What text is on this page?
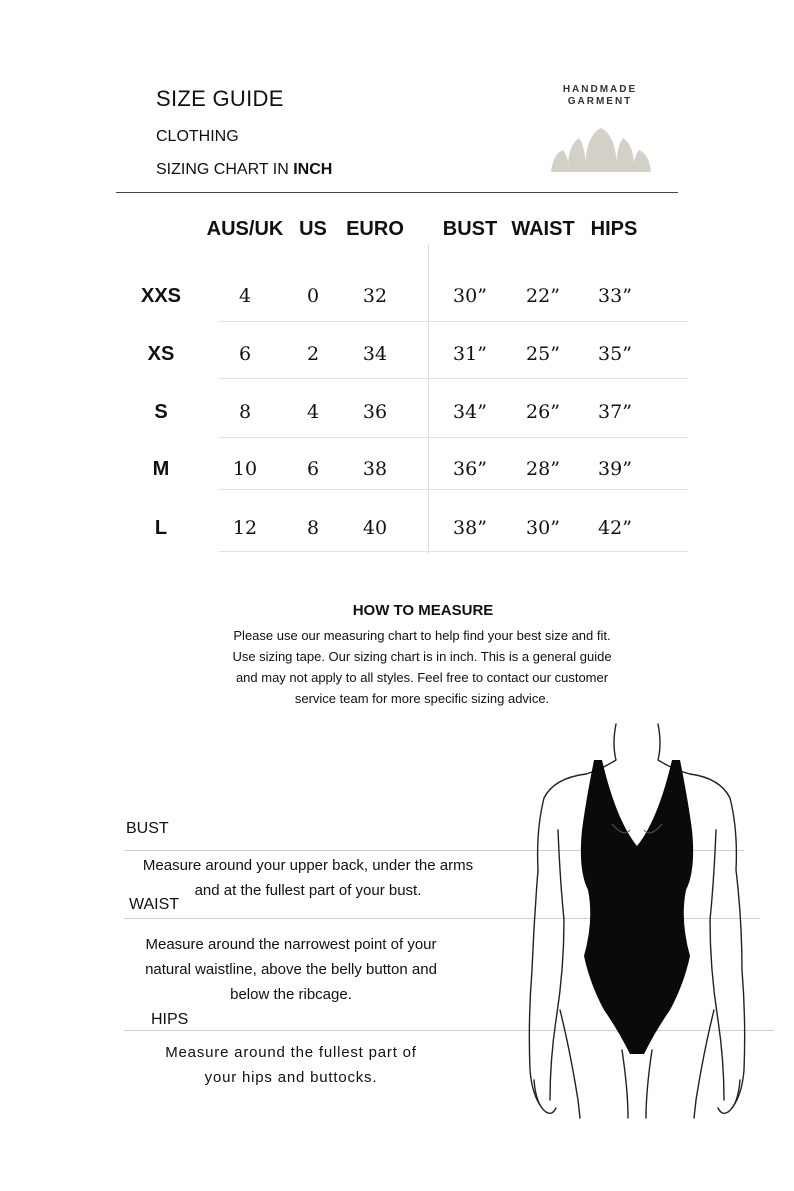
SIZE GUIDE
CLOTHING
SIZING CHART IN INCH
HANDMADE
GARMENT
AUS/UK US EURO	BUST WAIST HIPS
XXS	4	0	32	30”	22”	33”
XS	6	2	34	31”	25”	35”
S	8	4	36	34”	26”	37”
M	10	6	38	36”	28”	39”
L	12	8	40	38”	30”	42”
HOW TO MEASURE
Please use our measuring chart to help find your best size and fit.
Use sizing tape. Our sizing chart is in inch. This is a general guide
and may not apply to all styles. Feel free to contact our customer
service team for more specific sizing advice.
BUST
Measure around your upper back, under the arms
and at the fullest part of your bust.
WAIST
Measure around the narrowest point of your
natural waistline, above the belly button and
below the ribcage.
HIPS
Measure around the fullest part of
your hips and buttocks.
